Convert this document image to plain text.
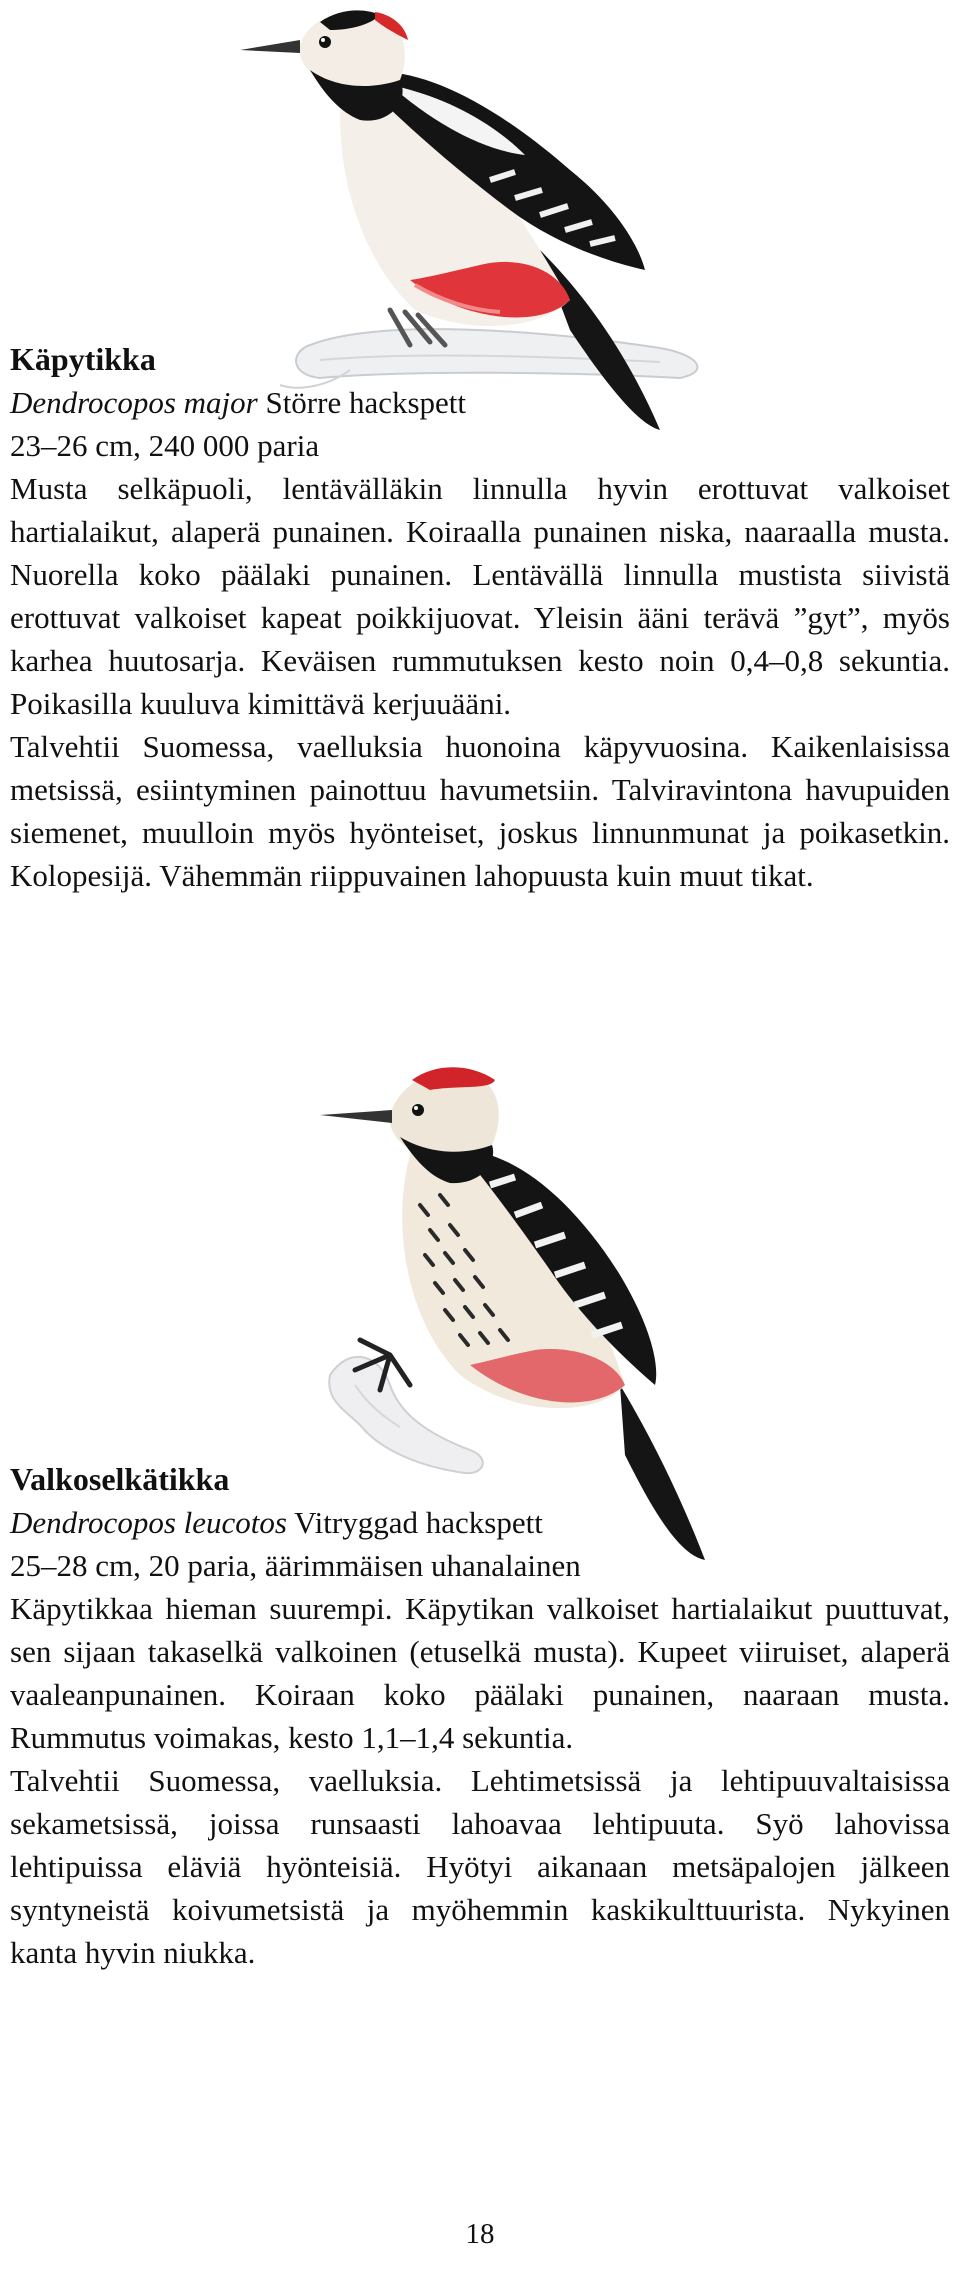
Käpytikka
Dendrocopos major Större hackspett
23–26 cm, 240 000 paria

Musta selkäpuoli, lentävälläkin linnulla hyvin erottuvat valkoiset hartialaikut, alaperä punainen. Koiraalla punainen niska, naaraalla musta. Nuorella koko päälaki punainen. Lentävällä linnulla mustista siivistä erottuvat valkoiset kapeat poikkijuovat. Yleisin ääni terävä ”gyt”, myös karhea huutosarja. Keväisen rummutuksen kesto noin 0,4–0,8 sekuntia. Poikasilla kuuluva kimittävä kerjuuääni.

Talvehtii Suomessa, vaelluksia huonoina käpyvuosina. Kaikenlaisissa metsissä, esiintyminen painottuu havumetsiin. Talviravintona havupuiden siemenet, muulloin myös hyönteiset, joskus linnunmunat ja poikasetkin. Kolopesijä. Vähemmän riippuvainen lahopuusta kuin muut tikat.

Valkoselkätikka
Dendrocopos leucotos Vitryggad hackspett
25–28 cm, 20 paria, äärimmäisen uhanalainen

Käpytikkaa hieman suurempi. Käpytikan valkoiset hartialaikut puuttuvat, sen sijaan takaselkä valkoinen (etuselkä musta). Kupeet viiruiset, alaperä vaaleanpunainen. Koiraan koko päälaki punainen, naaraan musta. Rummutus voimakas, kesto 1,1–1,4 sekuntia.

Talvehtii Suomessa, vaelluksia. Lehtimetsissä ja lehtipuuvaltaisissa sekametsissä, joissa runsaasti lahoavaa lehtipuuta. Syö lahovissa lehtipuissa eläviä hyönteisiä. Hyötyi aikanaan metsäpalojen jälkeen syntyneistä koivumetsistä ja myöhemmin kaskikulttuurista. Nykyinen kanta hyvin niukka.

18
